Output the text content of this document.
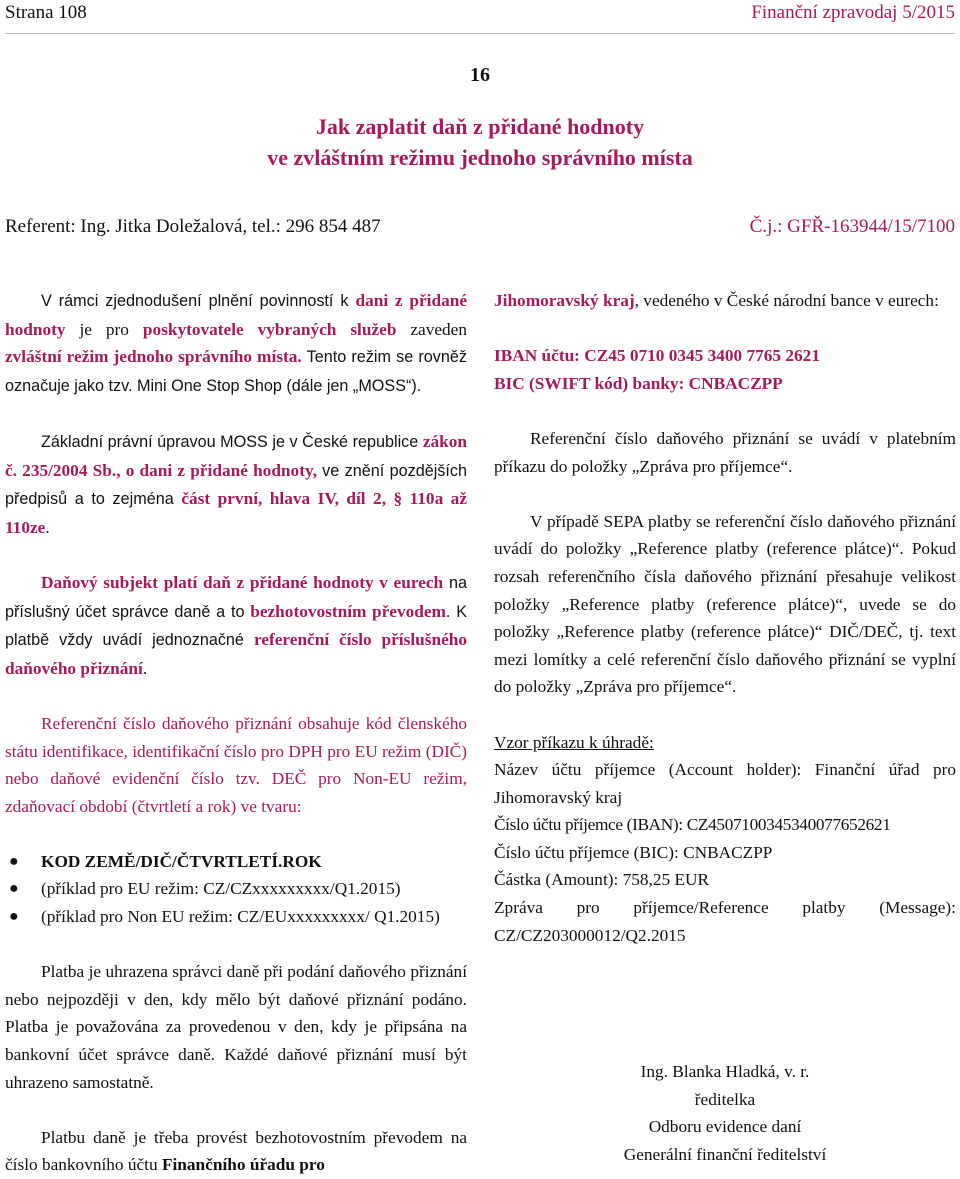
Strana 108	Finanční zpravodaj 5/2015
16
Jak zaplatit daň z přidané hodnoty
ve zvláštním režimu jednoho správního místa
Referent: Ing. Jitka Doležalová, tel.: 296 854 487	Č.j.: GFŘ-163944/15/7100

V rámci zjednodušení plnění povinností k dani z přidané hodnoty je pro poskytovatele vybraných služeb zaveden zvláštní režim jednoho správního místa. Tento režim se rovněž označuje jako tzv. Mini One Stop Shop (dále jen „MOSS“).

Základní právní úpravou MOSS je v České republice zákon č. 235/2004 Sb., o dani z přidané hodnoty, ve znění pozdějších předpisů a to zejména část první, hlava IV, díl 2, § 110a až 110ze.

Daňový subjekt platí daň z přidané hodnoty v eurech na příslušný účet správce daně a to bezhotovostním převodem. K platbě vždy uvádí jednoznačné referenční číslo příslušného daňového přiznání.

Referenční číslo daňového přiznání obsahuje kód členského státu identifikace, identifikační číslo pro DPH pro EU režim (DIČ) nebo daňové evidenční číslo tzv. DEČ pro Non-EU režim, zdaňovací období (čtvrtletí a rok) ve tvaru:

● KOD ZEMĚ/DIČ/ČTVRTLETÍ.ROK
● (příklad pro EU režim: CZ/CZxxxxxxxxx/Q1.2015)
● (příklad pro Non EU režim: CZ/EUxxxxxxxxx/ Q1.2015)

Platba je uhrazena správci daně při podání daňového přiznání nebo nejpozději v den, kdy mělo být daňové přiznání podáno. Platba je považována za provedenou v den, kdy je připsána na bankovní účet správce daně. Každé daňové přiznání musí být uhrazeno samostatně.

Platbu daně je třeba provést bezhotovostním převodem na číslo bankovního účtu Finančního úřadu pro

Jihomoravský kraj, vedeného v České národní bance v eurech:

IBAN účtu: CZ45 0710 0345 3400 7765 2621

BIC (SWIFT kód) banky: CNBACZPP

Referenční číslo daňového přiznání se uvádí v platebním příkazu do položky „Zpráva pro příjemce“.

V případě SEPA platby se referenční číslo daňového přiznání uvádí do položky „Reference platby (reference plátce)“. Pokud rozsah referenčního čísla daňového přiznání přesahuje velikost položky „Reference platby (reference plátce)“, uvede se do položky „Reference platby (reference plátce)“ DIČ/DEČ, tj. text mezi lomítky a celé referenční číslo daňového přiznání se vyplní do položky „Zpráva pro příjemce“.

Vzor příkazu k úhradě:

Název účtu příjemce (Account holder): Finanční úřad pro Jihomoravský kraj

Číslo účtu příjemce (IBAN): CZ4507100345340077652621

Číslo účtu příjemce (BIC): CNBACZPP

Částka (Amount): 758,25 EUR

Zpráva pro příjemce/Reference platby (Message): CZ/CZ203000012/Q2.2015

Ing. Blanka Hladká, v. r.
ředitelka
Odboru evidence daní
Generální finanční ředitelství
